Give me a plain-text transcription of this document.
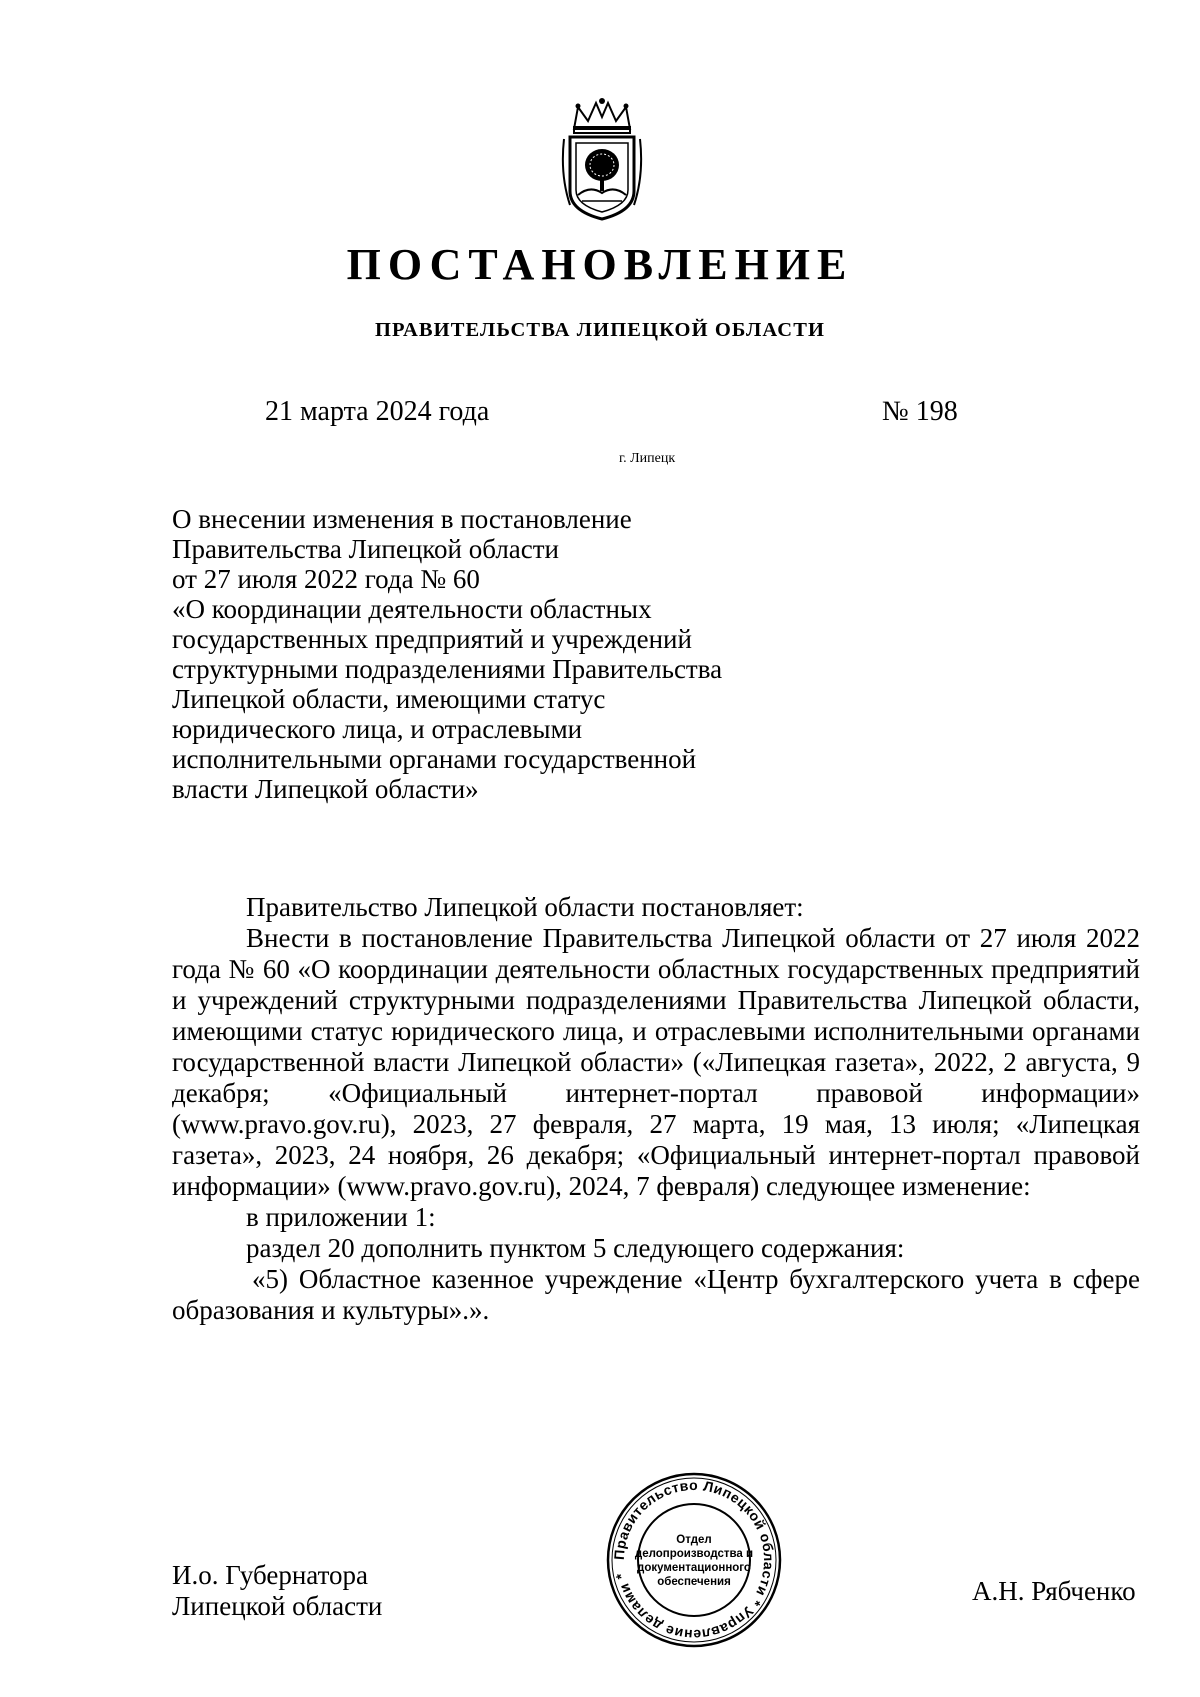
ПОСТАНОВЛЕНИЕ
ПРАВИТЕЛЬСТВА ЛИПЕЦКОЙ ОБЛАСТИ
21 марта 2024 года
г. Липецк
№ 198
О внесении изменения в постановление
Правительства Липецкой области
от 27 июля 2022 года № 60
«О координации деятельности областных
государственных предприятий и учреждений
структурными подразделениями Правительства
Липецкой области, имеющими статус
юридического лица, и отраслевыми
исполнительными органами государственной
власти Липецкой области»

Правительство Липецкой области постановляет:

Внести в постановление Правительства Липецкой области от 27 июля 2022 года № 60 «О координации деятельности областных государственных предприятий и учреждений структурными подразделениями Правительства Липецкой области, имеющими статус юридического лица, и отраслевыми исполнительными органами государственной власти Липецкой области» («Липецкая газета», 2022, 2 августа, 9 декабря; «Официальный интернет-портал правовой информации» (www.pravo.gov.ru), 2023, 27 февраля, 27 марта, 19 мая, 13 июля; «Липецкая газета», 2023, 24 ноября, 26 декабря; «Официальный интернет-портал правовой информации» (www.pravo.gov.ru), 2024, 7 февраля) следующее изменение:

в приложении 1:

раздел 20 дополнить пунктом 5 следующего содержания:

«5) Областное казенное учреждение «Центр бухгалтерского учета в сфере образования и культуры».».

И.о. Губернатора
Липецкой области	А.Н. Рябченко
Правительство Липецкой области * Управление делами *
Отдел
делопроизводства и
документационного
обеспечения
